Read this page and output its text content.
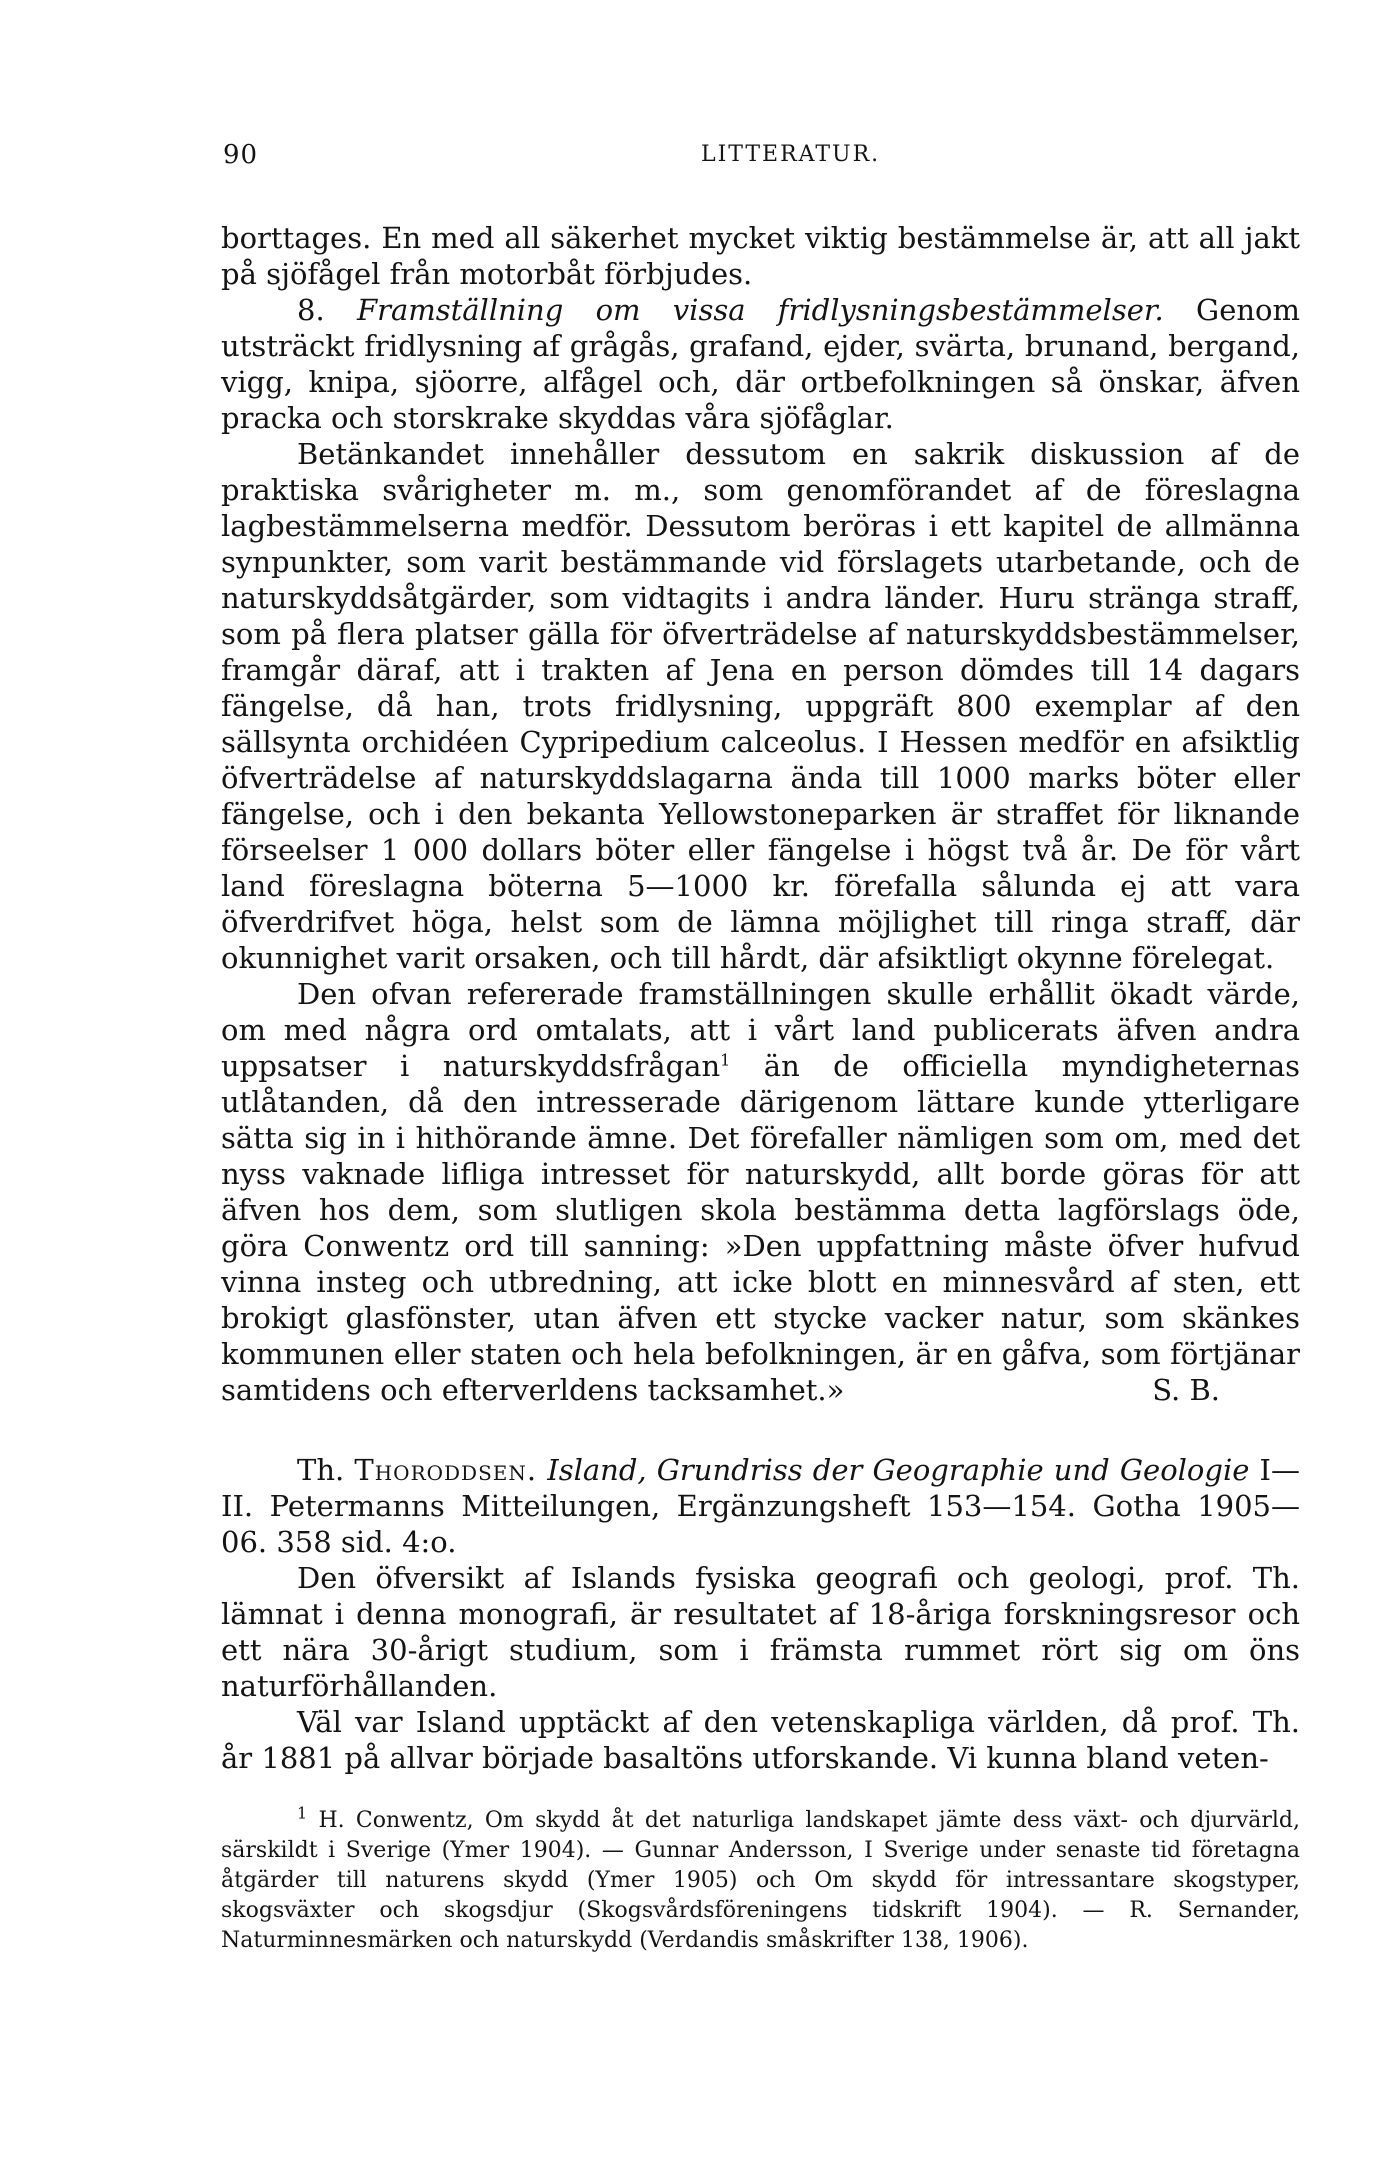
90	LITTERATUR.

borttages. En med all säkerhet mycket viktig bestämmelse är, att all jakt på sjöfågel från motorbåt förbjudes.

8. Framställning om vissa fridlysningsbestämmelser. Genom utsträckt fridlysning af grågås, grafand, ejder, svärta, brunand, bergand, vigg, knipa, sjöorre, alfågel och, där ortbefolkningen så önskar, äfven pracka och storskrake skyddas våra sjöfåglar.

Betänkandet innehåller dessutom en sakrik diskussion af de praktiska svårigheter m. m., som genomförandet af de föreslagna lagbestämmelserna medför. Dessutom beröras i ett kapitel de allmänna synpunkter, som varit bestämmande vid förslagets utarbetande, och de naturskyddsåtgärder, som vidtagits i andra länder. Huru stränga straff, som på flera platser gälla för öfverträdelse af naturskyddsbestämmelser, framgår däraf, att i trakten af Jena en person dömdes till 14 dagars fängelse, då han, trots fridlysning, uppgräft 800 exemplar af den sällsynta orchidéen Cypripedium calceolus. I Hessen medför en afsiktlig öfverträdelse af naturskyddslagarna ända till 1000 marks böter eller fängelse, och i den bekanta Yellowstoneparken är straffet för liknande förseelser 1 000 dollars böter eller fängelse i högst två år. De för vårt land föreslagna böterna 5—1000 kr. förefalla sålunda ej att vara öfverdrifvet höga, helst som de lämna möjlighet till ringa straff, där okunnighet varit orsaken, och till hårdt, där afsiktligt okynne förelegat.

Den ofvan refererade framställningen skulle erhållit ökadt värde, om med några ord omtalats, att i vårt land publicerats äfven andra uppsatser i naturskyddsfrågan$^1$ än de officiella myndigheternas utlåtanden, då den intresserade därigenom lättare kunde ytterligare sätta sig in i hithörande ämne. Det förefaller nämligen som om, med det nyss vaknade lifliga intresset för naturskydd, allt borde göras för att äfven hos dem, som slutligen skola bestämma detta lagförslags öde, göra Conwentz ord till sanning: »Den uppfattning måste öfver hufvud vinna insteg och utbredning, att icke blott en minnesvård af sten, ett brokigt glasfönster, utan äfven ett stycke vacker natur, som skänkes kommunen eller staten och hela befolkningen, är en gåfva, som förtjänar samtidens och efterverldens tacksamhet.»	S. B.

Th. Thoroddsen. Island, Grundriss der Geographie und Geologie I—II. Petermanns Mitteilungen, Ergänzungsheft 153—154. Gotha 1905—06. 358 sid. 4:o.

Den öfversikt af Islands fysiska geografi och geologi, prof. Th. lämnat i denna monografi, är resultatet af 18-åriga forskningsresor och ett nära 30-årigt studium, som i främsta rummet rört sig om öns naturförhållanden.

Väl var Island upptäckt af den vetenskapliga världen, då prof. Th. år 1881 på allvar började basaltöns utforskande. Vi kunna bland veten-

$^1$ H. Conwentz, Om skydd åt det naturliga landskapet jämte dess växt- och djurvärld, särskildt i Sverige (Ymer 1904). — Gunnar Andersson, I Sverige under senaste tid företagna åtgärder till naturens skydd (Ymer 1905) och Om skydd för intressantare skogstyper, skogsväxter och skogsdjur (Skogsvårdsföreningens tidskrift 1904). — R. Sernander, Naturminnesmärken och naturskydd (Verdandis småskrifter 138, 1906).
